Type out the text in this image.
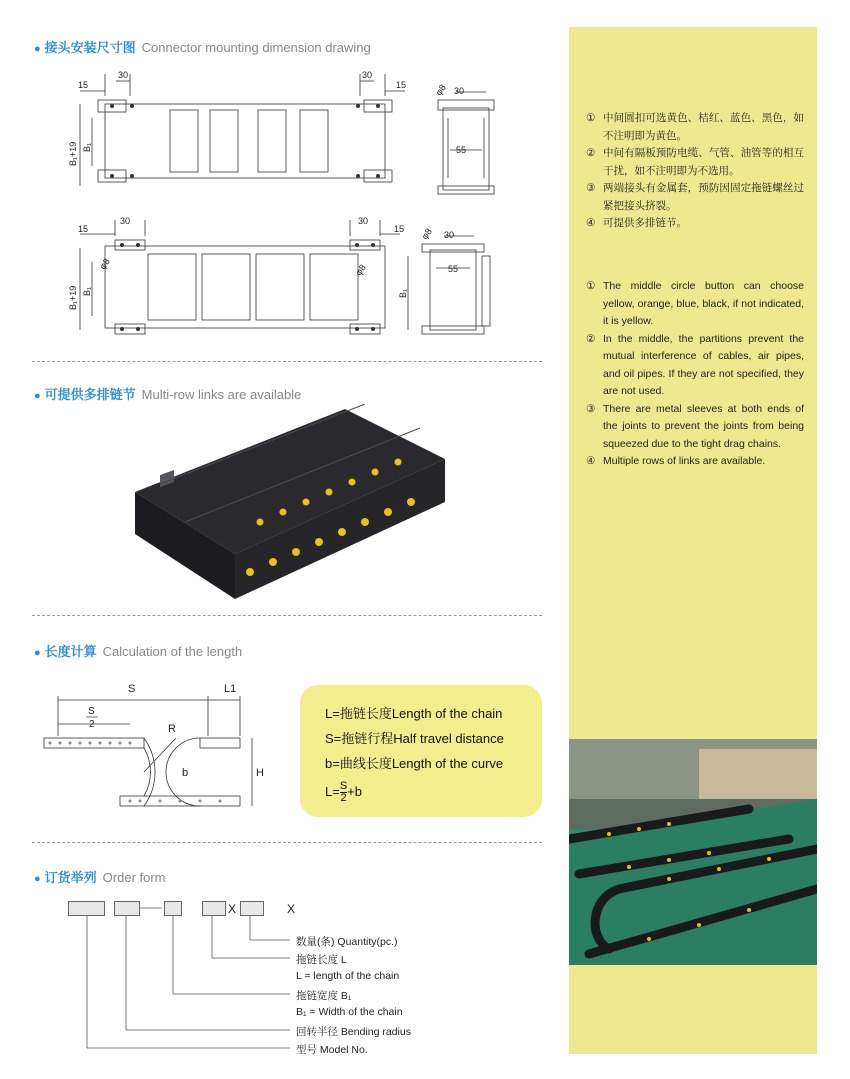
● 接头安装尺寸图 Connector mounting dimension drawing
15
30	30
15
B₁+19 B₁
30
55
φ8
15
30	30
15
φ8	φ8
B₁+19 B₁
30
55
φ8
B₁
● 可提供多排链节 Multi-row links are available
● 长度计算 Calculation of the length
S	L1
S
2	R
b	H
L=拖链长度Length of the chain
S=拖链行程Half travel distance
b=曲线长度Length of the curve
$L= \frac{S}{2} +b$
● 订货举列 Order form
X	X
数量(条) Quantity(pc.)
拖链长度 L
L = length of the chain
拖链宽度 B₁
B₁ = Width of the chain
回转半径 Bending radius
型号 Model No.
① 中间圆扣可选黄色、桔红、蓝色、黑色，如不注明即为黄色。
② 中间有隔板预防电缆、气管、油管等的相互干扰，如不注明即为不选用。
③ 两端接头有金属套，预防因固定拖链螺丝过紧把接头挤裂。
④ 可提供多排链节。
① The middle circle button can choose yellow, orange, blue, black, if not indicated, it is yellow.
② In the middle, the partitions prevent the mutual interference of cables, air pipes, and oil pipes. If they are not specified, they are not used.
③ There are metal sleeves at both ends of the joints to prevent the joints from being squeezed due to the tight drag chains.
④ Multiple rows of links are available.
